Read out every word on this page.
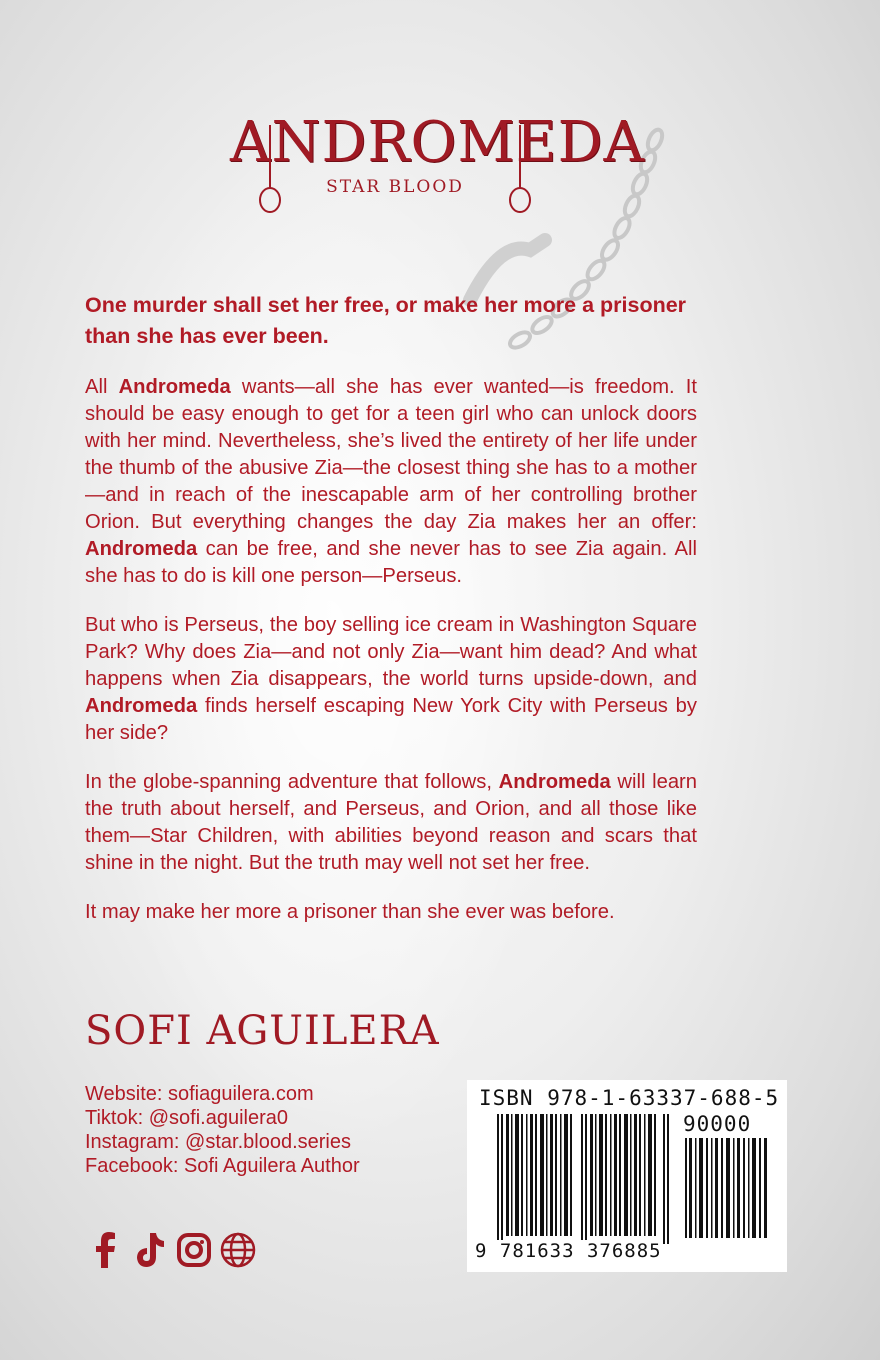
ANDROMEDA
STAR BLOOD

One murder shall set her free, or make her more a prisoner than she has ever been.

All Andromeda wants—all she has ever wanted—is freedom. It should be easy enough to get for a teen girl who can unlock doors with her mind. Nevertheless, she’s lived the entirety of her life under the thumb of the abusive Zia—the closest thing she has to a mother—and in reach of the inescapable arm of her controlling brother Orion. But everything changes the day Zia makes her an offer: Andromeda can be free, and she never has to see Zia again. All she has to do is kill one person—Perseus.

But who is Perseus, the boy selling ice cream in Washington Square Park? Why does Zia—and not only Zia—want him dead? And what happens when Zia disappears, the world turns upside-down, and Andromeda finds herself escaping New York City with Perseus by her side?

In the globe-spanning adventure that follows, Andromeda will learn the truth about herself, and Perseus, and Orion, and all those like them—Star Children, with abilities beyond reason and scars that shine in the night. But the truth may well not set her free.

It may make her more a prisoner than she ever was before.

SOFI AGUILERA
Website: sofiaguilera.com
Tiktok: @sofi.aguilera0
Instagram: @star.blood.series
Facebook: Sofi Aguilera Author
ISBN 978-1-63337-688-5
90000
9 781633 376885
